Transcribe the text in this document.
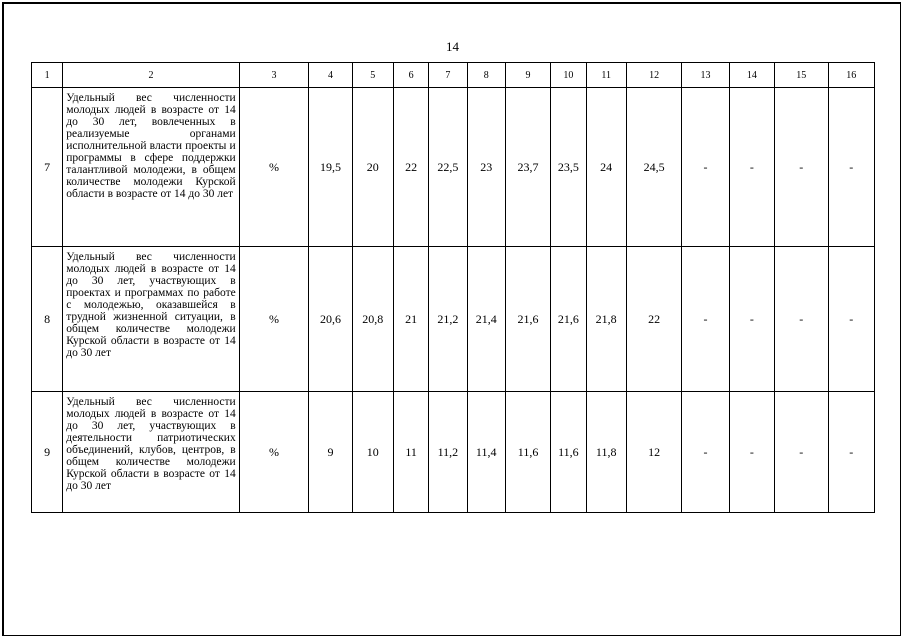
14
1	2	3	4	5	6	7	8	9	10	11	12	13	14	15	16
7	Удельный вес численности молодых людей в возрасте от 14 до 30 лет, вовлеченных в реализуемые органами исполнительной власти проекты и программы в сфере поддержки талантливой молодежи, в общем количестве молодежи Курской области в возрасте от 14 до 30 лет	%	19,5	20	22	22,5	23	23,7	23,5	24	24,5	-	-	-	-
8	Удельный вес численности молодых людей в возрасте от 14 до 30 лет, участвующих в проектах и программах по работе с молодежью, оказавшейся в трудной жизненной ситуации, в общем количестве молодежи Курской области в возрасте от 14 до 30 лет	%	20,6	20,8	21	21,2	21,4	21,6	21,6	21,8	22	-	-	-	-
9	Удельный вес численности молодых людей в возрасте от 14 до 30 лет, участвующих в деятельности патриотических объединений, клубов, центров, в общем количестве молодежи Курской области в возрасте от 14 до 30 лет	%	9	10	11	11,2	11,4	11,6	11,6	11,8	12	-	-	-	-
